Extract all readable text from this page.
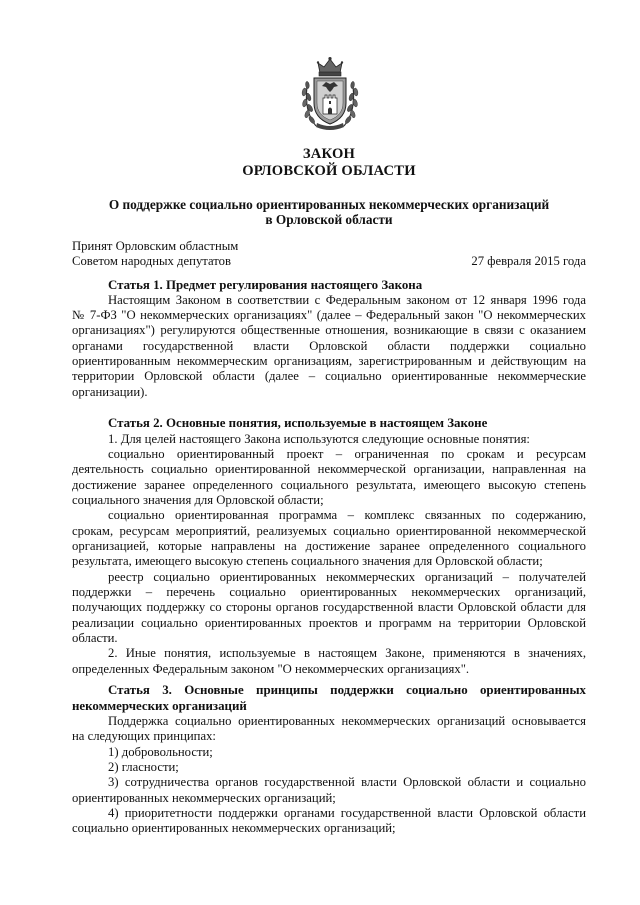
ЗАКОН
ОРЛОВСКОЙ ОБЛАСТИ
О поддержке социально ориентированных некоммерческих организаций
в Орловской области
Принят Орловским областным
Советом народных депутатов	27 февраля 2015 года
Статья 1. Предмет регулирования настоящего Закона
Настоящим Законом в соответствии с Федеральным законом от 12 января 1996 года
№ 7-ФЗ "О некоммерческих организациях" (далее – Федеральный закон "О некоммерческих
организациях") регулируются общественные отношения, возникающие в связи с оказанием
органами государственной власти Орловской области поддержки социально
ориентированным некоммерческим организациям, зарегистрированным и действующим на
территории Орловской области (далее – социально ориентированные некоммерческие
организации).
Статья 2. Основные понятия, используемые в настоящем Законе
1. Для целей настоящего Закона используются следующие основные понятия:
социально ориентированный проект – ограниченная по срокам и ресурсам
деятельность социально ориентированной некоммерческой организации, направленная на
достижение заранее определенного социального результата, имеющего высокую степень
социального значения для Орловской области;
социально ориентированная программа – комплекс связанных по содержанию,
срокам, ресурсам мероприятий, реализуемых социально ориентированной некоммерческой
организацией, которые направлены на достижение заранее определенного социального
результата, имеющего высокую степень социального значения для Орловской области;
реестр социально ориентированных некоммерческих организаций – получателей
поддержки – перечень социально ориентированных некоммерческих организаций,
получающих поддержку со стороны органов государственной власти Орловской области для
реализации социально ориентированных проектов и программ на территории Орловской
области.
2. Иные понятия, используемые в настоящем Законе, применяются в значениях,
определенных Федеральным законом "О некоммерческих организациях".
Статья 3. Основные принципы поддержки социально ориентированных
некоммерческих организаций
Поддержка социально ориентированных некоммерческих организаций основывается
на следующих принципах:
1) добровольности;
2) гласности;
3) сотрудничества органов государственной власти Орловской области и социально
ориентированных некоммерческих организаций;
4) приоритетности поддержки органами государственной власти Орловской области
социально ориентированных некоммерческих организаций;
